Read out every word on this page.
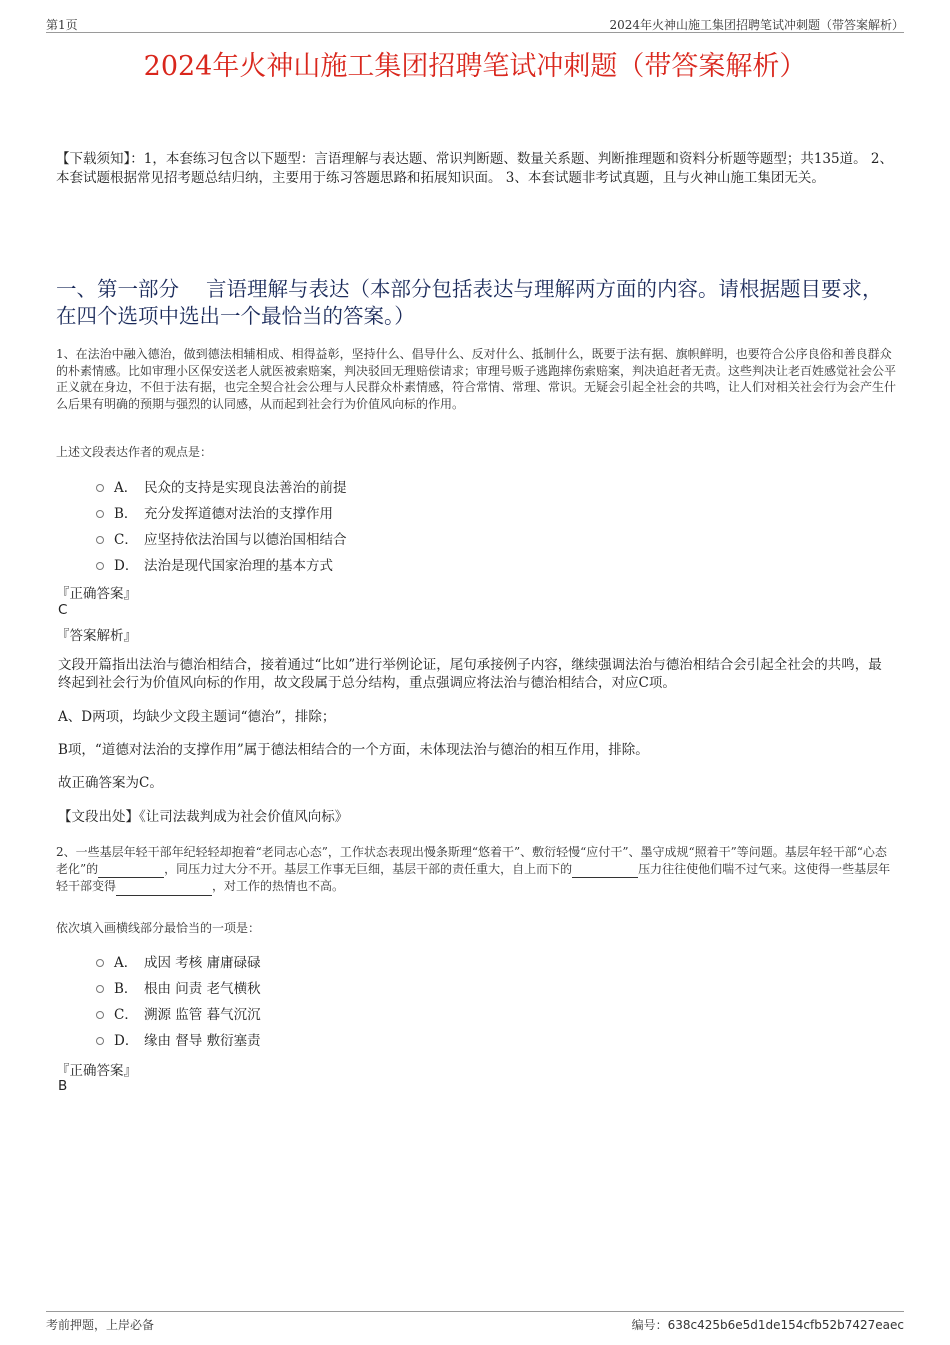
第1页	2024年火神山施工集团招聘笔试冲刺题（带答案解析）
2024年火神山施工集团招聘笔试冲刺题（带答案解析）
【下载须知】：1，本套练习包含以下题型：言语理解与表达题、常识判断题、数量关系题、判断推理题和资料分析题等题型；共135道。 2、本套试题根据常见招考题总结归纳，主要用于练习答题思路和拓展知识面。 3、本套试题非考试真题，且与火神山施工集团无关。
一、第一部分　 言语理解与表达（本部分包括表达与理解两方面的内容。请根据题目要求，在四个选项中选出一个最恰当的答案。）
1、在法治中融入德治，做到德法相辅相成、相得益彰，坚持什么、倡导什么、反对什么、抵制什么，既要于法有据、旗帜鲜明，也要符合公序良俗和善良群众的朴素情感。比如审理小区保安送老人就医被索赔案，判决驳回无理赔偿请求；审理号贩子逃跑摔伤索赔案，判决追赶者无责。这些判决让老百姓感觉社会公平正义就在身边，不但于法有据，也完全契合社会公理与人民群众朴素情感，符合常情、常理、常识。无疑会引起全社会的共鸣，让人们对相关社会行为会产生什么后果有明确的预期与强烈的认同感，从而起到社会行为价值风向标的作用。
上述文段表达作者的观点是：
A． 民众的支持是实现良法善治的前提
B． 充分发挥道德对法治的支撑作用
C． 应坚持依法治国与以德治国相结合
D． 法治是现代国家治理的基本方式
『正确答案』
C
『答案解析』
文段开篇指出法治与德治相结合，接着通过“比如”进行举例论证，尾句承接例子内容，继续强调法治与德治相结合会引起全社会的共鸣，最终起到社会行为价值风向标的作用，故文段属于总分结构，重点强调应将法治与德治相结合，对应C项。
A、D两项，均缺少文段主题词“德治”，排除；
B项，“道德对法治的支撑作用”属于德法相结合的一个方面，未体现法治与德治的相互作用，排除。
故正确答案为C。
【文段出处】《让司法裁判成为社会价值风向标》
2、一些基层年轻干部年纪轻轻却抱着“老同志心态”，工作状态表现出慢条斯理“悠着干”、敷衍轻慢“应付干”、墨守成规“照着干”等问题。基层年轻干部“心态老化”的	，同压力过大分不开。基层工作事无巨细，基层干部的责任重大，自上而下的	压力往往使他们喘不过气来。这使得一些基层年轻干部变得	，对工作的热情也不高。
依次填入画横线部分最恰当的一项是：
A． 成因 考核 庸庸碌碌
B． 根由 问责 老气横秋
C． 溯源 监管 暮气沉沉
D． 缘由 督导 敷衍塞责
『正确答案』
B
考前押题，上岸必备	编号：638c425b6e5d1de154cfb52b7427eaec
